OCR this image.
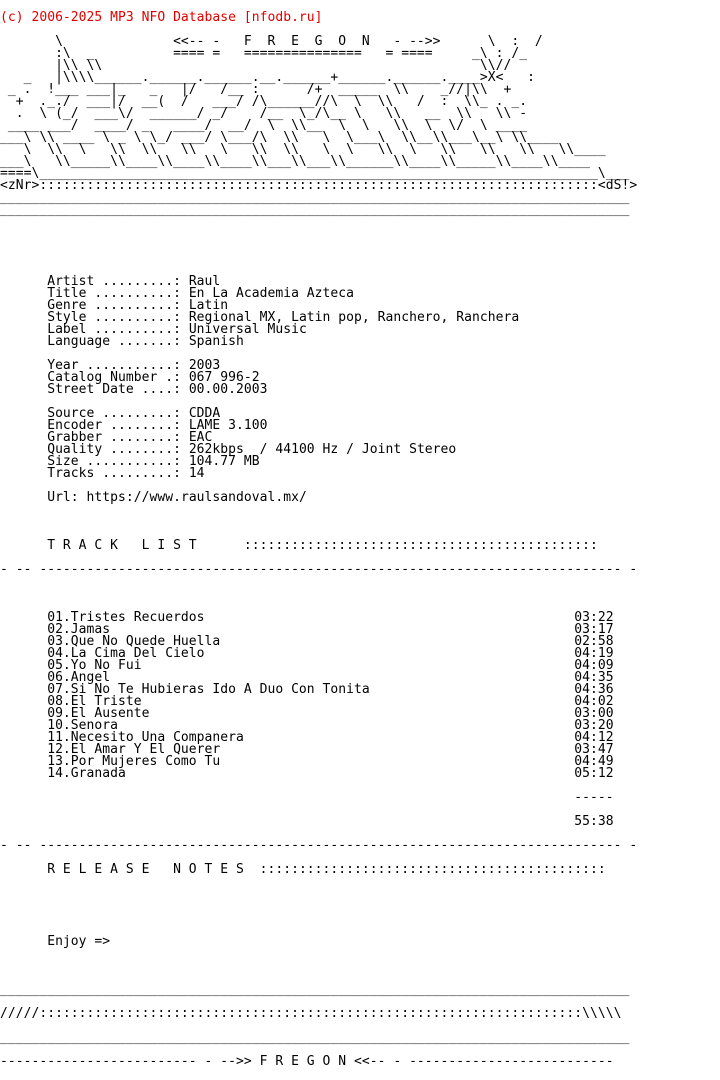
(c) 2006-2025 MP3 NFO Database [nfodb.ru]

\              <<-- -   F  R  E  G  O  N   - -->>      \  :  /
:\  _          ==== =   ===============   = ====     _\ : /_
|\\ \\                                                \\//
_   |\\\\______.______.______.__.______+______.______.____>X<   :
_ .  !___ ___|_   _   |/   /__ :      /+  _____  \\    _//|\\  +
+  ._./  ___|/  __(  /   ___/ /\______//\  \  \\   /  :  \\_ . _.
.  \ (_/  ___\/  ______/ _/    /__  \_/\__ \   \\   __  \\   \\ -
____ ___/  ____/ _   ____/  __/  \  \\__  \  \   \\  \  \/  \ ____
___\ \\ ____ \ _ \ \_/ ___/ \___/\  \\   \  \___\  \\__\\___\__\ \\____
\  \\  \   \\  \\   \\   \   \\  \\   \  \   \\  \   \\   \\   \\   \\____
___\   \\_____\\____\\____\\____\\___\\___\\______\\____\\_____\\____\\____
====\_______________________________________________________________________\___
<zNr>:::::::::::::::::::::::::::::::::::::::::::::::::::::::::::::::::::::::<dS!>
________________________________________________________________________________
________________________________________________________________________________

Artist .........: Raul
Title ..........: En La Academia Azteca
Genre ..........: Latin
Style ..........: Regional MX, Latin pop, Ranchero, Ranchera
Label ..........: Universal Music
Language .......: Spanish

Year ...........: 2003
Catalog Number .: 067 996-2
Street Date ....: 00.00.2003

Source .........: CDDA
Encoder ........: LAME 3.100
Grabber ........: EAC
Quality ........: 262kbps  / 44100 Hz / Joint Stereo
Size ...........: 104.77 MB
Tracks .........: 14

Url: https://www.raulsandoval.mx/

T R A C K   L I S T	:::::::::::::::::::::::::::::::::::::::::::::

- -- -------------------------------------------------------------------------- -

01.Tristes Recuerdos	03:22
02.Jamas	03:17
03.Que No Quede Huella	02:58
04.La Cima Del Cielo	04:19
05.Yo No Fui	04:09
06.Angel	04:35
07.Si No Te Hubieras Ido A Duo Con Tonita	04:36
08.El Triste	04:02
09.El Ausente	03:00
10.Senora	03:20
11.Necesito Una Companera	04:12
12.El Amar Y El Querer	03:47
13.Por Mujeres Como Tu	04:49
14.Granada	05:12

-----

55:38

- -- -------------------------------------------------------------------------- -

R E L E A S E   N O T E S ::::::::::::::::::::::::::::::::::::::::::::

Enjoy =>

________________________________________________________________________________

/////:::::::::::::::::::::::::::::::::::::::::::::::::::::::::::::::::::::\\\\\

________________________________________________________________________________

------------------------- - -->> F R E G O N <<-- - --------------------------
